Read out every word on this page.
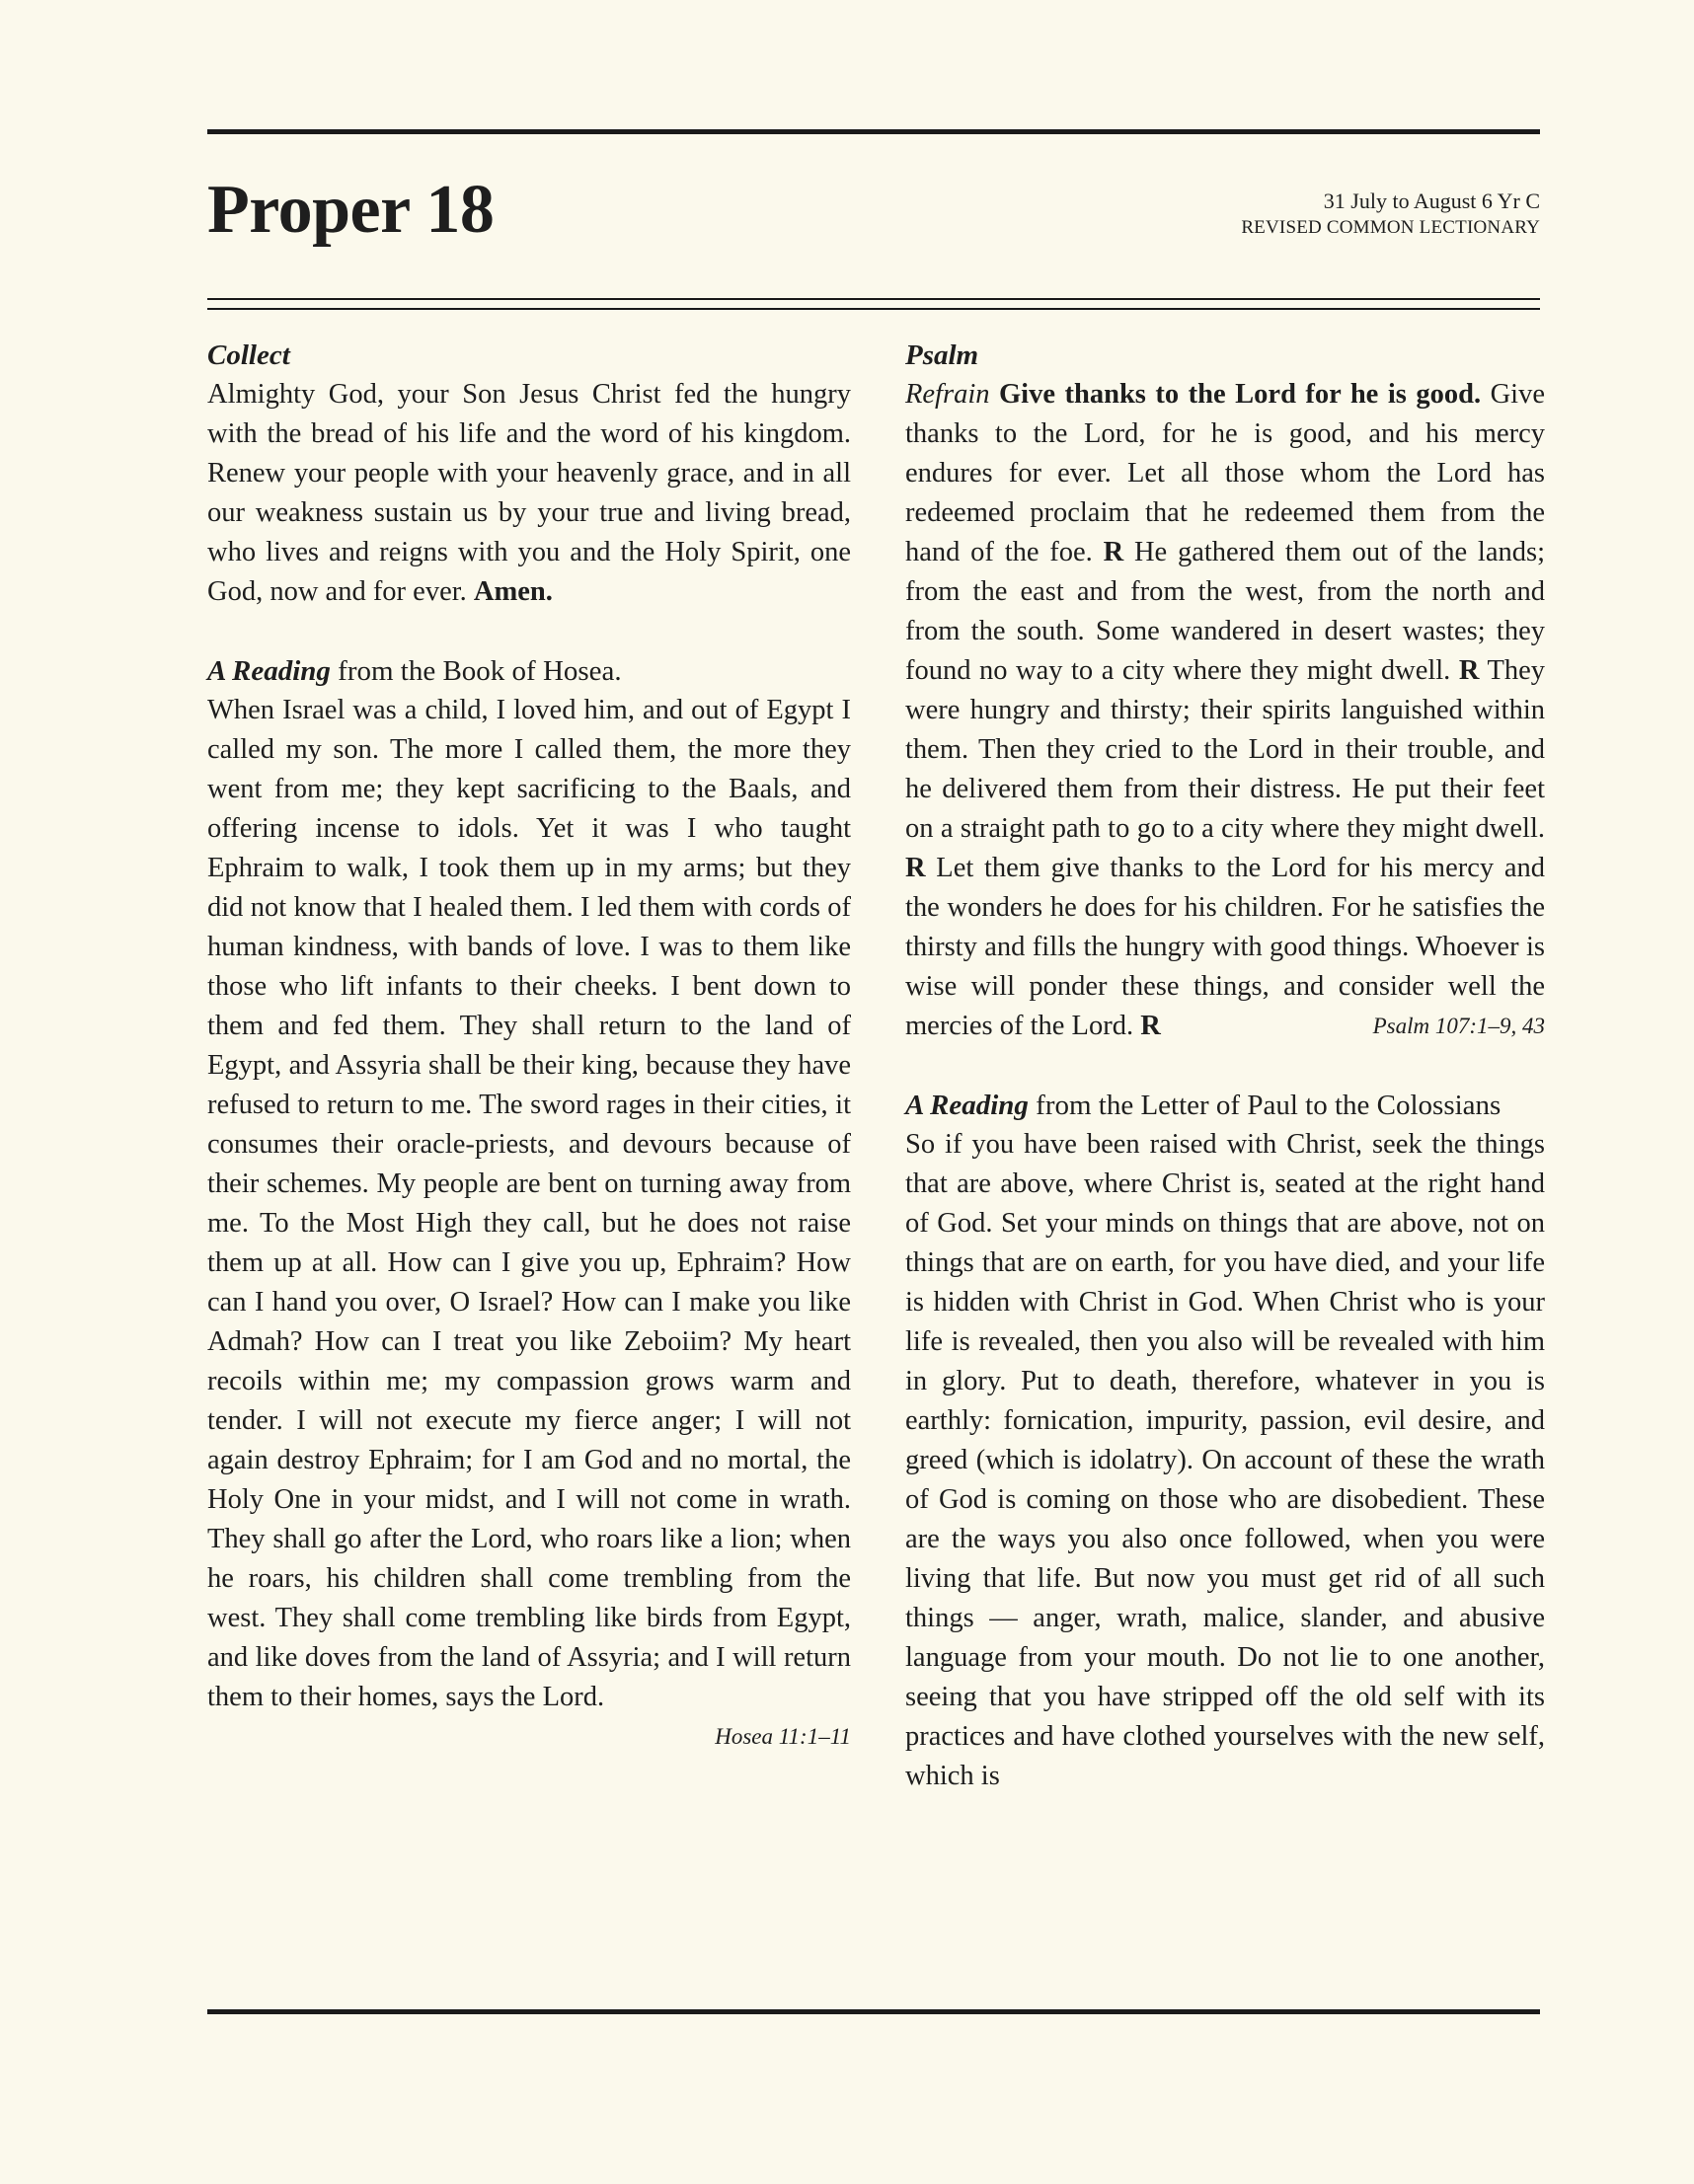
Proper 18	31 July to August 6 Yr C
REVISED COMMON LECTIONARY
Collect

Almighty God, your Son Jesus Christ fed the hungry with the bread of his life and the word of his kingdom. Renew your people with your heavenly grace, and in all our weakness sustain us by your true and living bread, who lives and reigns with you and the Holy Spirit, one God, now and for ever. Amen.

A Reading from the Book of Hosea.

When Israel was a child, I loved him, and out of Egypt I called my son. The more I called them, the more they went from me; they kept sacrificing to the Baals, and offering incense to idols. Yet it was I who taught Ephraim to walk, I took them up in my arms; but they did not know that I healed them. I led them with cords of human kindness, with bands of love. I was to them like those who lift infants to their cheeks. I bent down to them and fed them. They shall return to the land of Egypt, and Assyria shall be their king, because they have refused to return to me. The sword rages in their cities, it consumes their oracle-priests, and devours because of their schemes. My people are bent on turning away from me. To the Most High they call, but he does not raise them up at all. How can I give you up, Ephraim? How can I hand you over, O Israel? How can I make you like Admah? How can I treat you like Zeboiim? My heart recoils within me; my compassion grows warm and tender. I will not execute my fierce anger; I will not again destroy Ephraim; for I am God and no mortal, the Holy One in your midst, and I will not come in wrath. They shall go after the Lord, who roars like a lion; when he roars, his children shall come trembling from the west. They shall come trembling like birds from Egypt, and like doves from the land of Assyria; and I will return them to their homes, says the Lord.

Hosea 11:1–11
Psalm

Refrain Give thanks to the Lord for he is good. Give thanks to the Lord, for he is good, and his mercy endures for ever. Let all those whom the Lord has redeemed proclaim that he redeemed them from the hand of the foe. R He gathered them out of the lands; from the east and from the west, from the north and from the south. Some wandered in desert wastes; they found no way to a city where they might dwell. R They were hungry and thirsty; their spirits languished within them. Then they cried to the Lord in their trouble, and he delivered them from their distress. He put their feet on a straight path to go to a city where they might dwell. R Let them give thanks to the Lord for his mercy and the wonders he does for his children. For he satisfies the thirsty and fills the hungry with good things. Whoever is wise will ponder these things, and consider well the mercies of the Lord. R	Psalm 107:1–9, 43

A Reading from the Letter of Paul to the Colossians

So if you have been raised with Christ, seek the things that are above, where Christ is, seated at the right hand of God. Set your minds on things that are above, not on things that are on earth, for you have died, and your life is hidden with Christ in God. When Christ who is your life is revealed, then you also will be revealed with him in glory. Put to death, therefore, whatever in you is earthly: fornication, impurity, passion, evil desire, and greed (which is idolatry). On account of these the wrath of God is coming on those who are disobedient. These are the ways you also once followed, when you were living that life. But now you must get rid of all such things — anger, wrath, malice, slander, and abusive language from your mouth. Do not lie to one another, seeing that you have stripped off the old self with its practices and have clothed yourselves with the new self, which is
